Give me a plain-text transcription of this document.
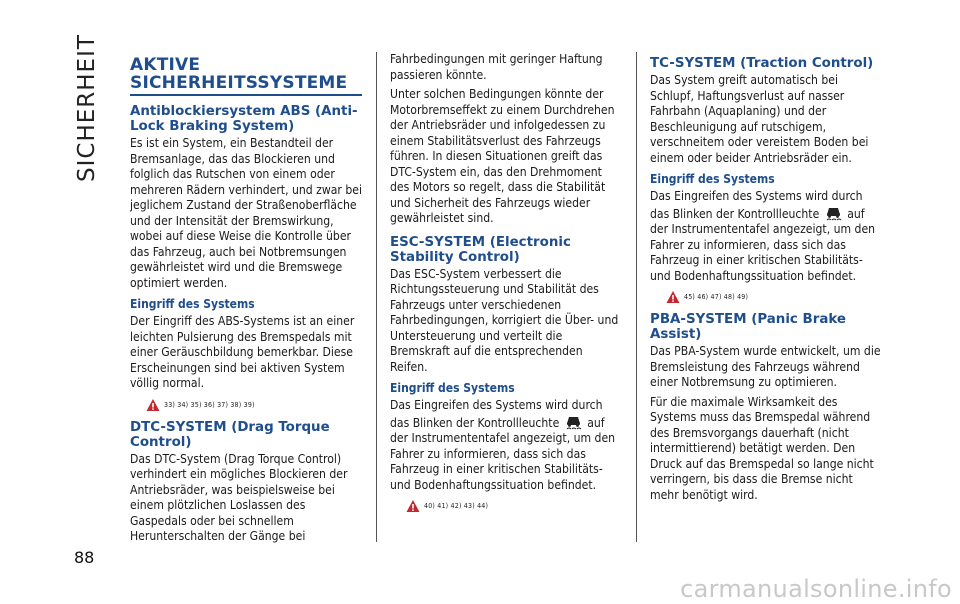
SICHERHEIT
88
AKTIVE SICHERHEITSSYSTEME
Antiblockiersystem ABS (Anti-Lock Braking System)

Es ist ein System, ein Bestandteil der Bremsanlage, das das Blockieren und folglich das Rutschen von einem oder mehreren Rädern verhindert, und zwar bei jeglichem Zustand der Straßenoberfläche und der Intensität der Bremswirkung, wobei auf diese Weise die Kontrolle über das Fahrzeug, auch bei Notbremsungen gewährleistet wird und die Bremswege optimiert werden.

Eingriff des Systems

Der Eingriff des ABS-Systems ist an einer leichten Pulsierung des Bremspedals mit einer Geräuschbildung bemerkbar. Diese Erscheinungen sind bei aktiven System völlig normal.

33) 34) 35) 36) 37) 38) 39)
DTC-SYSTEM (Drag Torque Control)

Das DTC-System (Drag Torque Control) verhindert ein mögliches Blockieren der Antriebsräder, was beispielsweise bei einem plötzlichen Loslassen des Gaspedals oder bei schnellem Herunterschalten der Gänge bei

Fahrbedingungen mit geringer Haftung passieren könnte.

Unter solchen Bedingungen könnte der Motorbremseffekt zu einem Durchdrehen der Antriebsräder und infolgedessen zu einem Stabilitätsverlust des Fahrzeugs führen. In diesen Situationen greift das DTC-System ein, das den Drehmoment des Motors so regelt, dass die Stabilität und Sicherheit des Fahrzeugs wieder gewährleistet sind.

ESC-SYSTEM (Electronic Stability Control)

Das ESC-System verbessert die Richtungssteuerung und Stabilität des Fahrzeugs unter verschiedenen Fahrbedingungen, korrigiert die Über- und Untersteuerung und verteilt die Bremskraft auf die entsprechenden Reifen.

Eingriff des Systems

Das Eingreifen des Systems wird durch das Blinken der Kontrollleuchte auf der Instrumententafel angezeigt, um den Fahrer zu informieren, dass sich das Fahrzeug in einer kritischen Stabilitäts- und Bodenhaftungssituation befindet.

40) 41) 42) 43) 44)
TC-SYSTEM (Traction Control)

Das System greift automatisch bei Schlupf, Haftungsverlust auf nasser Fahrbahn (Aquaplaning) und der Beschleunigung auf rutschigem, verschneitem oder vereistem Boden bei einem oder beider Antriebsräder ein.

Eingriff des Systems

Das Eingreifen des Systems wird durch das Blinken der Kontrollleuchte auf der Instrumententafel angezeigt, um den Fahrer zu informieren, dass sich das Fahrzeug in einer kritischen Stabilitäts- und Bodenhaftungssituation befindet.

45) 46) 47) 48) 49)
PBA-SYSTEM (Panic Brake Assist)

Das PBA-System wurde entwickelt, um die Bremsleistung des Fahrzeugs während einer Notbremsung zu optimieren.

Für die maximale Wirksamkeit des Systems muss das Bremspedal während des Bremsvorgangs dauerhaft (nicht intermittierend) betätigt werden. Den Druck auf das Bremspedal so lange nicht verringern, bis dass die Bremse nicht mehr benötigt wird.

carmanualsonline.info
